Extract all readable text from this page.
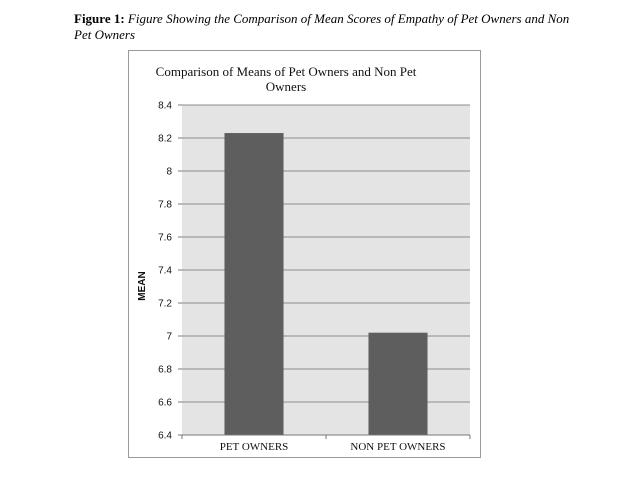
Figure 1: Figure Showing the Comparison of Mean Scores of Empathy of Pet Owners and Non Pet Owners
Comparison of Means of Pet Owners and Non Pet
Owners
6.4
6.6
6.8
7
7.2
7.4
7.6
7.8
8
8.2
8.4
PET OWNERS	NON PET OWNERS
MEAN
